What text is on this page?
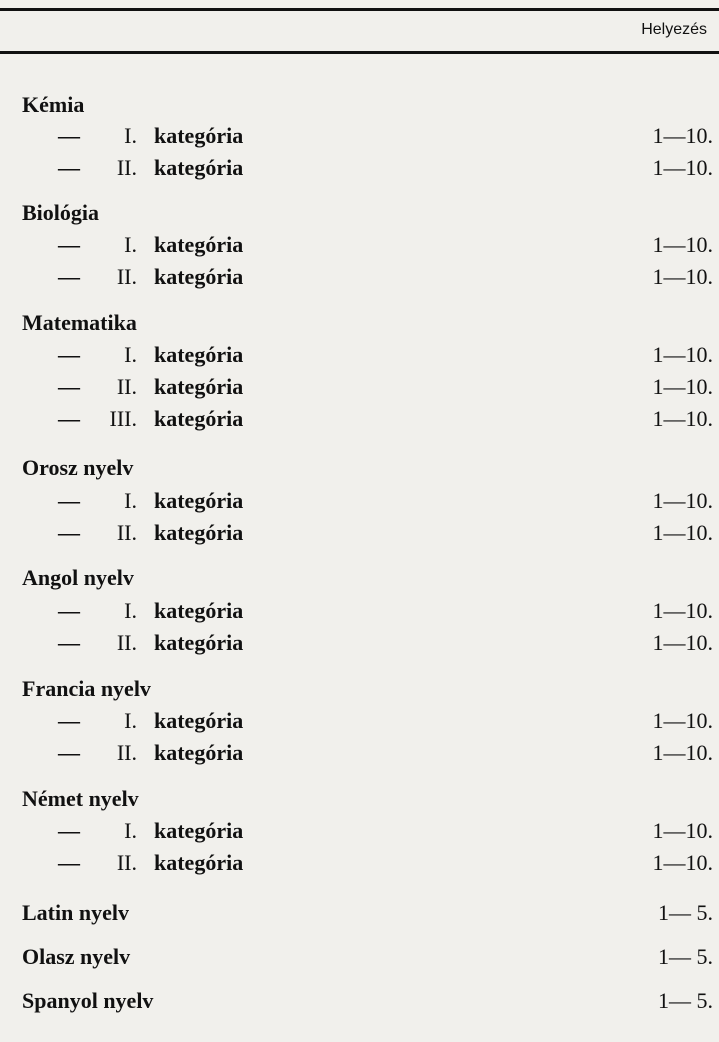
Helyezés
Kémia
— I. kategória	1—10.
— II. kategória	1—10.
Biológia
— I. kategória	1—10.
— II. kategória	1—10.
Matematika
— I. kategória	1—10.
— II. kategória	1—10.
— III. kategória	1—10.
Orosz nyelv
— I. kategória	1—10.
— II. kategória	1—10.
Angol nyelv
— I. kategória	1—10.
— II. kategória	1—10.
Francia nyelv
— I. kategória	1—10.
— II. kategória	1—10.
Német nyelv
— I. kategória	1—10.
— II. kategória	1—10.
Latin nyelv	1— 5.
Olasz nyelv	1— 5.
Spanyol nyelv	1— 5.
